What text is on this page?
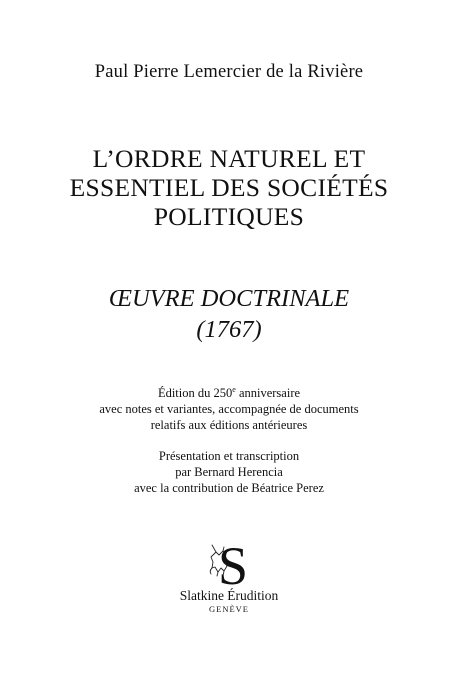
Paul Pierre Lemercier de la Rivière
L’ORDRE NATUREL ET
ESSENTIEL DES SOCIÉTÉS
POLITIQUES
ŒUVRE DOCTRINALE
(1767)
Édition du 250e anniversaire
avec notes et variantes, accompagnée de documents
relatifs aux éditions antérieures
Présentation et transcription
par Bernard Herencia
avec la contribution de Béatrice Perez
S
Slatkine Érudition
GENÈVE
